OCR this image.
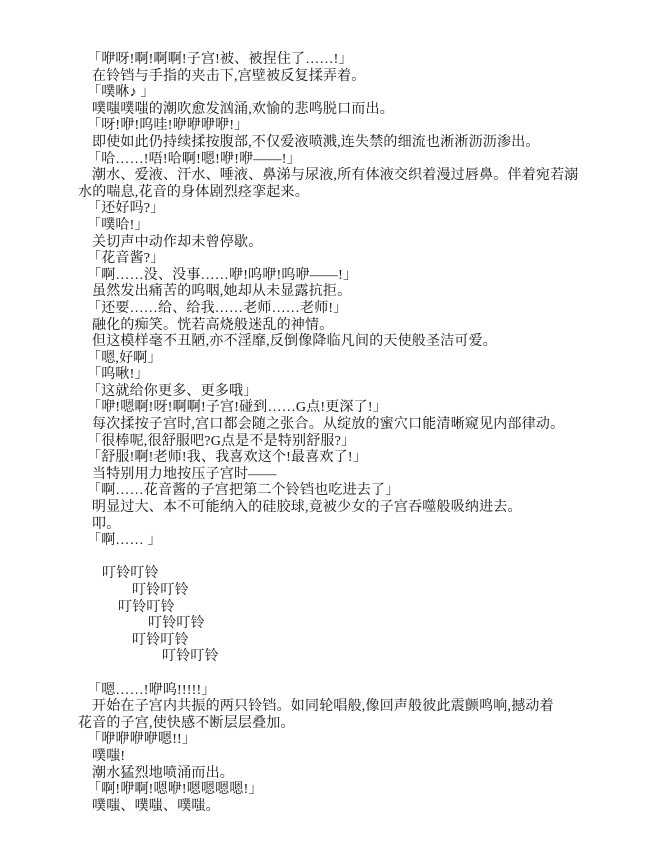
「咿呀!啊!啊啊!子宫!被、被捏住了……!」
在铃铛与手指的夹击下,宫壁被反复揉弄着。
「噗咻♪ 」
噗嗤噗嗤的潮吹愈发汹涌,欢愉的悲鸣脱口而出。
「呀!咿!呜哇!咿咿咿咿!」
即使如此仍持续揉按腹部,不仅爱液喷溅,连失禁的细流也淅淅沥沥渗出。
「哈……!唔!哈啊!嗯!咿!咿——!」
潮水、爱液、汗水、唾液、鼻涕与尿液,所有体液交织着漫过唇鼻。伴着宛若溺
水的喘息,花音的身体剧烈痉挛起来。
「还好吗?」
「噗哈!」
关切声中动作却未曾停歇。
「花音酱?」
「啊……没、没事……咿!呜咿!呜咿——!」
虽然发出痛苦的呜咽,她却从未显露抗拒。
「还要……给、给我……老师……老师!」
融化的痴笑。恍若高烧般迷乱的神情。
但这模样毫不丑陋,亦不淫靡,反倒像降临凡间的天使般圣洁可爱。
「嗯,好啊」
「呜啾!」
「这就给你更多、更多哦」
「咿!嗯啊!呀!啊啊!子宫!碰到……G点!更深了!」
每次揉按子宫时,宫口都会随之张合。从绽放的蜜穴口能清晰窥见内部律动。
「很棒呢,很舒服吧?G点是不是特别舒服?」
「舒服!啊!老师!我、我喜欢这个!最喜欢了!」
当特别用力地按压子宫时——
「啊……花音酱的子宫把第二个铃铛也吃进去了」
明显过大、本不可能纳入的硅胶球,竟被少女的子宫吞噬般吸纳进去。
叩。
「啊…… 」
叮铃叮铃
叮铃叮铃
叮铃叮铃
叮铃叮铃
叮铃叮铃
叮铃叮铃
「嗯……!咿呜!!!!!」
开始在子宫内共振的两只铃铛。如同轮唱般,像回声般彼此震颤鸣响,撼动着
花音的子宫,使快感不断层层叠加。
「咿咿咿咿嗯!!」
噗嗤!
潮水猛烈地喷涌而出。
「啊!咿啊!嗯咿!嗯嗯嗯嗯!」
噗嗤、噗嗤、噗嗤。
